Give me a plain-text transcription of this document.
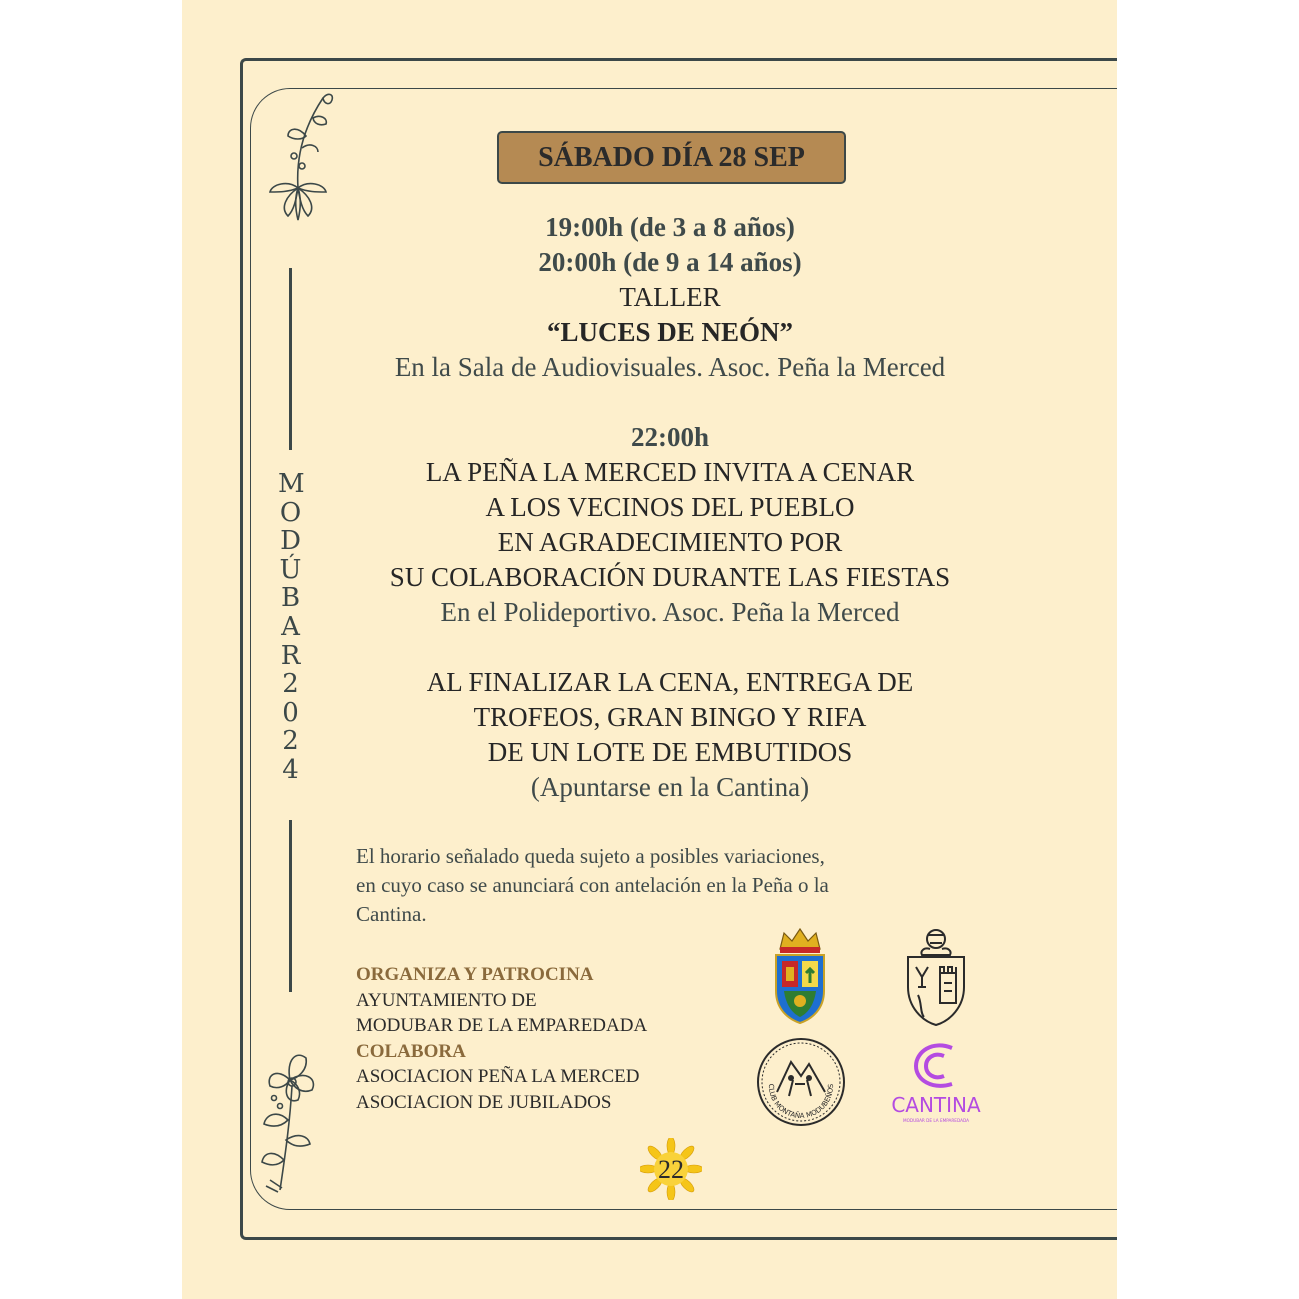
M
O
D
Ú
B
A
R
2
0
2
4
SÁBADO DÍA 28 SEP

19:00h (de 3 a 8 años)

20:00h (de 9 a 14 años)

TALLER

“LUCES DE NEÓN”

En la Sala de Audiovisuales. Asoc. Peña la Merced

22:00h

LA PEÑA LA MERCED INVITA A CENAR

A LOS VECINOS DEL PUEBLO

EN AGRADECIMIENTO POR

SU COLABORACIÓN DURANTE LAS FIESTAS

En el Polideportivo. Asoc. Peña la Merced

AL FINALIZAR LA CENA, ENTREGA DE

TROFEOS, GRAN BINGO Y RIFA

DE UN LOTE DE EMBUTIDOS

(Apuntarse en la Cantina)

El horario señalado queda sujeto a posibles variaciones,
en cuyo caso se anunciará con antelación en la Peña o la
Cantina.
ORGANIZA Y PATROCINA
AYUNTAMIENTO DE
MODUBAR DE LA EMPAREDADA
COLABORA
ASOCIACION PEÑA LA MERCED
ASOCIACION DE JUBILADOS
CLUB MONTAÑA MODUBEÑOS
CANTINA
MODUBAR DE LA EMPAREDADA
22
